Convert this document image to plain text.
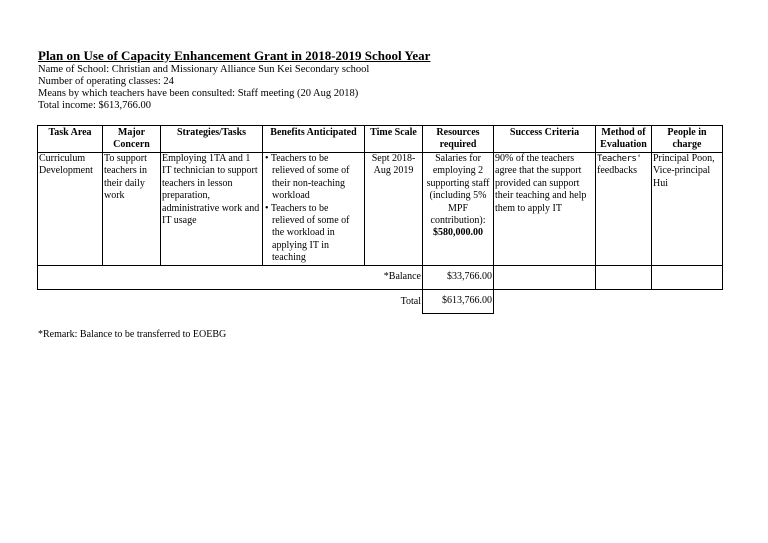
Plan on Use of Capacity Enhancement Grant in 2018-2019 School Year
Name of School: Christian and Missionary Alliance Sun Kei Secondary school
Number of operating classes: 24
Means by which teachers have been consulted: Staff meeting (20 Aug 2018)
Total income: $613,766.00
Task Area	Major Concern	Strategies/Tasks	Benefits Anticipated	Time Scale	Resources required	Success Criteria	Method of Evaluation	People in charge
Curriculum Development	To support teachers in their daily work	Employing 1TA and 1 IT technician to support teachers in lesson preparation, administrative work and IT usage	• Teachers to be relieved of some of their non-teaching workload
• Teachers to be relieved of some of the workload in applying IT in teaching	Sept 2018-Aug 2019	Salaries for employing 2 supporting staff (including 5% MPF contribution):
$580,000.00	90% of the teachers agree that the support provided can support their teaching and help them to apply IT	Teachers'
feedbacks	Principal Poon, Vice-principal Hui
*Balance					$33,766.00			
Total					$613,766.00			
*Remark: Balance to be transferred to EOEBG
